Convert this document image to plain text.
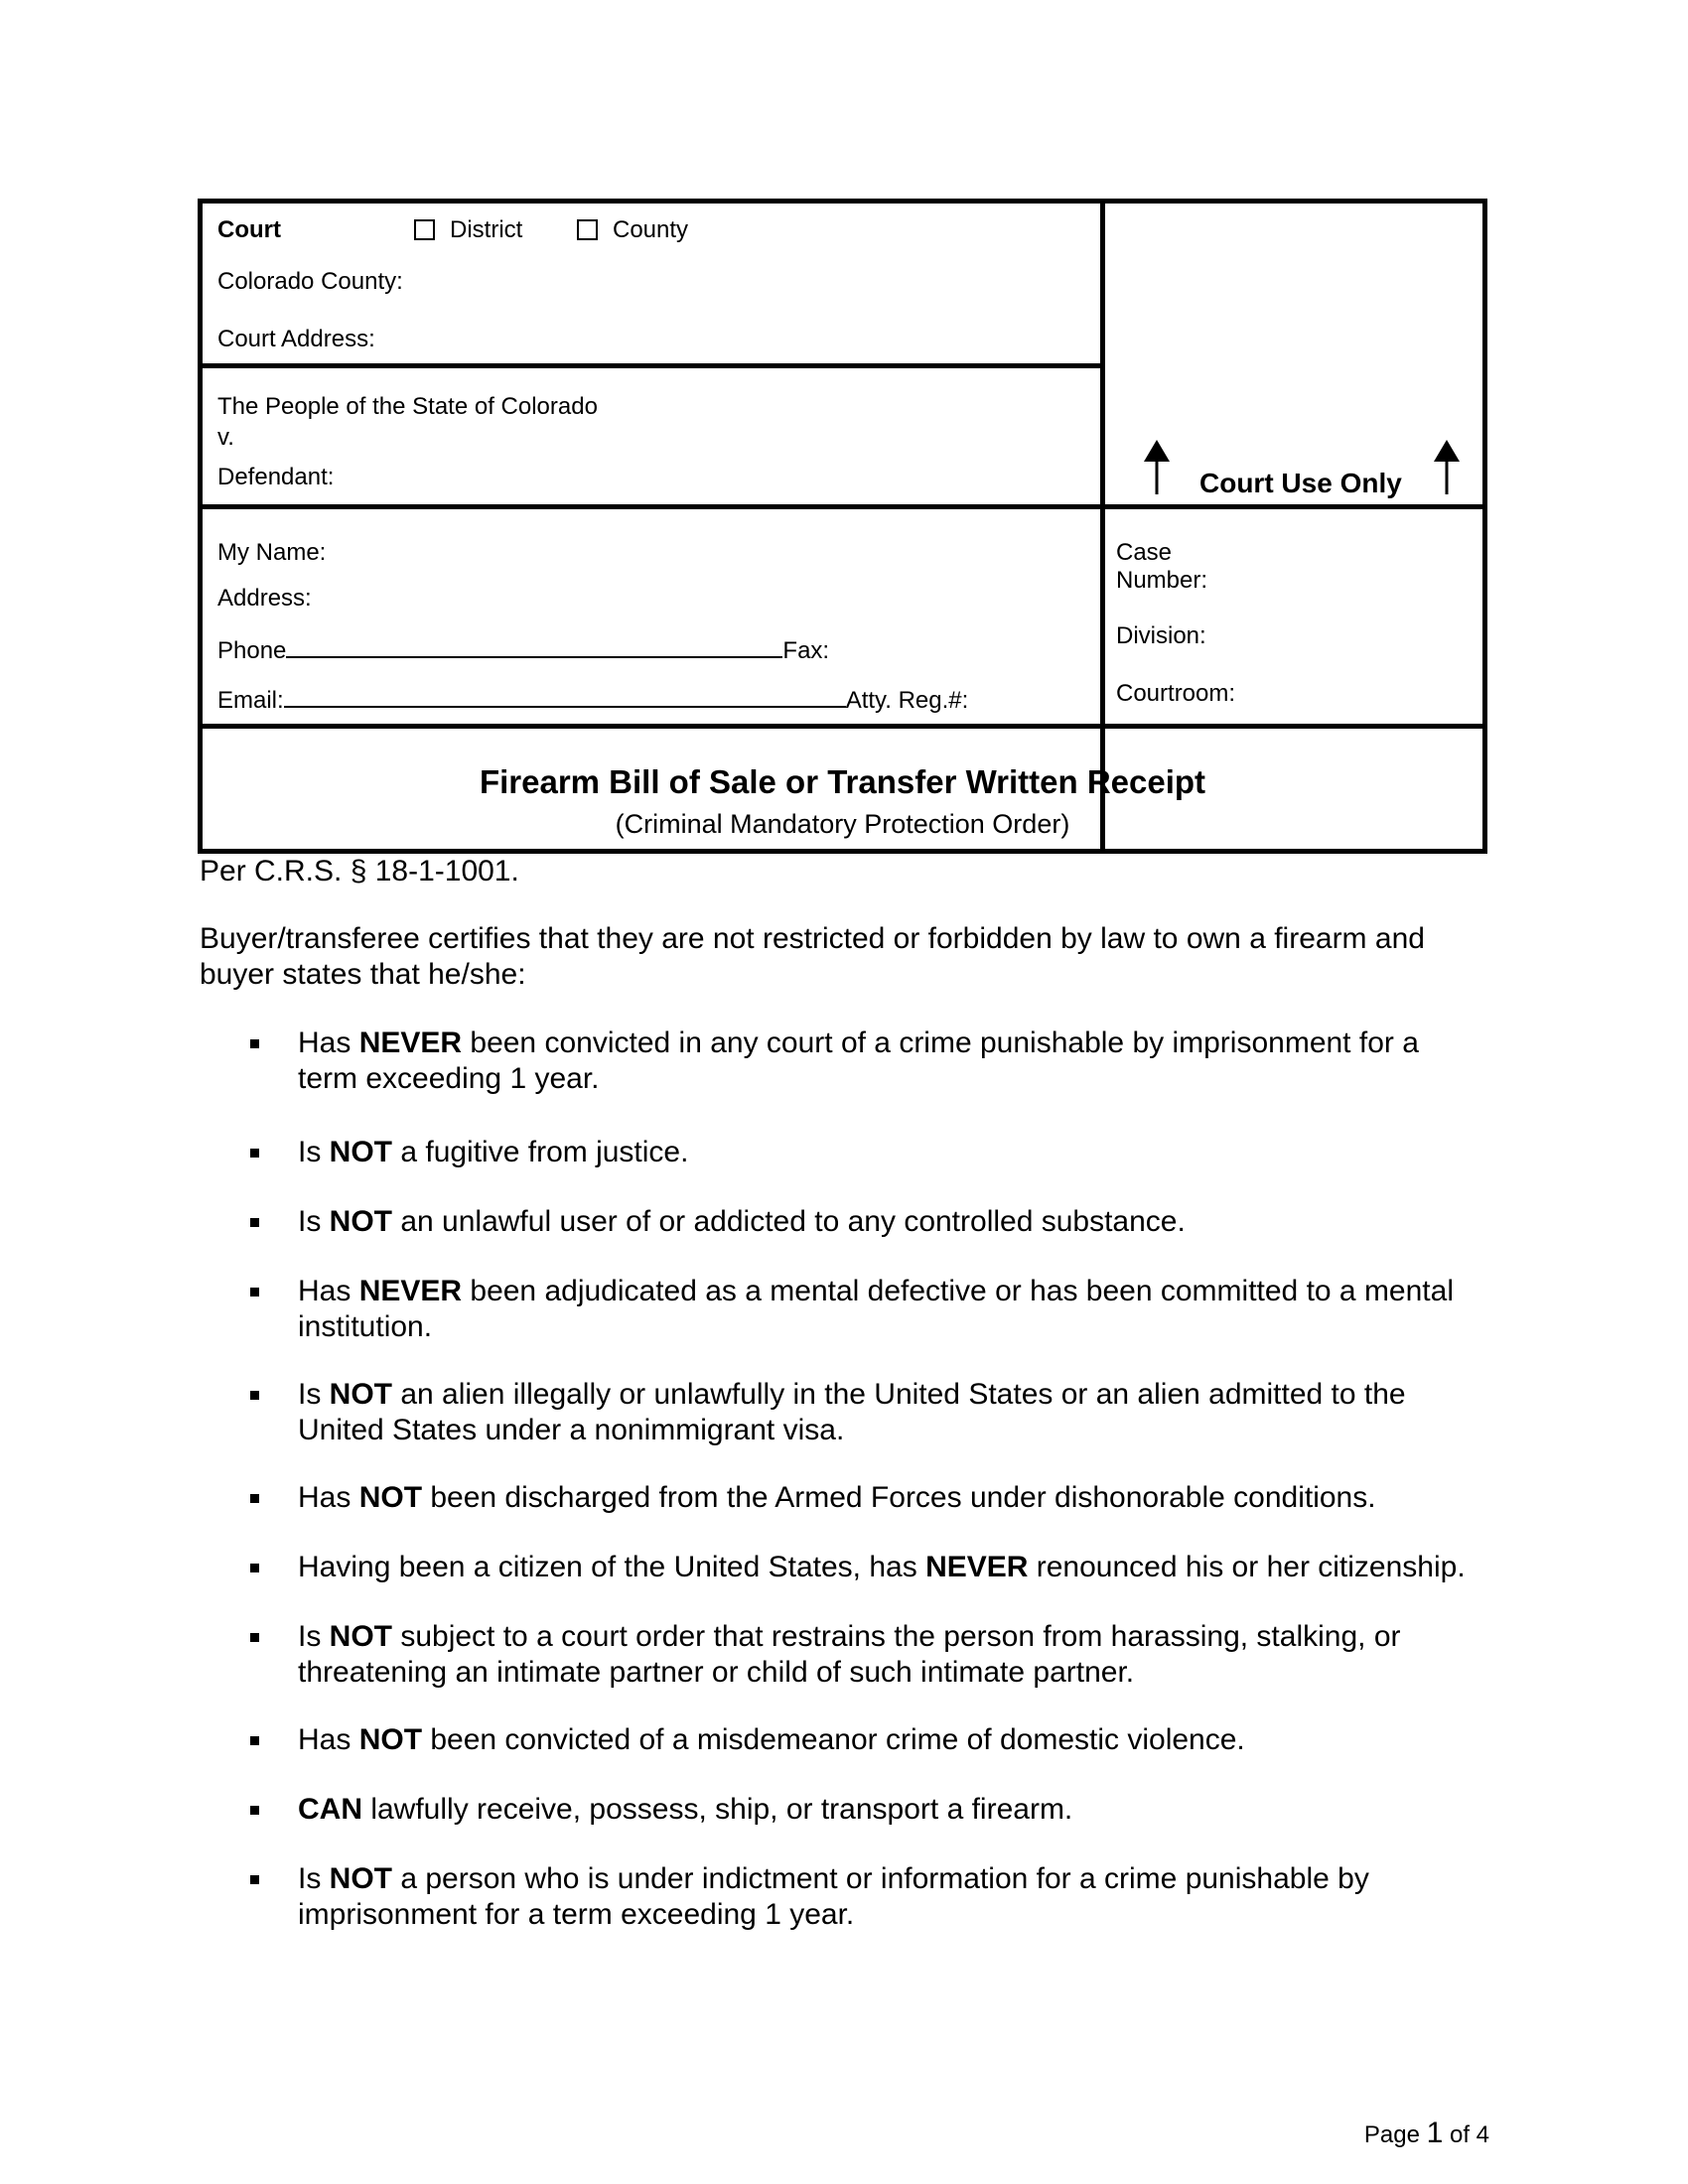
Court	District	County
Colorado County:
Court Address:
The People of the State of Colorado
v.
Defendant:	Court Use Only
My Name:
Address:
Phone	Fax:
Email:	Atty. Reg.#:
Case
Number:
Division:
Courtroom:
Firearm Bill of Sale or Transfer Written Receipt
(Criminal Mandatory Protection Order)
Per C.R.S. § 18-1-1001.
Buyer/transferee certifies that they are not restricted or forbidden by law to own a firearm and
buyer states that he/she:
Has NEVER been convicted in any court of a crime punishable by imprisonment for a
term exceeding 1 year.
Is NOT a fugitive from justice.
Is NOT an unlawful user of or addicted to any controlled substance.
Has NEVER been adjudicated as a mental defective or has been committed to a mental
institution.
Is NOT an alien illegally or unlawfully in the United States or an alien admitted to the
United States under a nonimmigrant visa.
Has NOT been discharged from the Armed Forces under dishonorable conditions.
Having been a citizen of the United States, has NEVER renounced his or her citizenship.
Is NOT subject to a court order that restrains the person from harassing, stalking, or
threatening an intimate partner or child of such intimate partner.
Has NOT been convicted of a misdemeanor crime of domestic violence.
CAN lawfully receive, possess, ship, or transport a firearm.
Is NOT a person who is under indictment or information for a crime punishable by
imprisonment for a term exceeding 1 year.
Page 1 of 4
